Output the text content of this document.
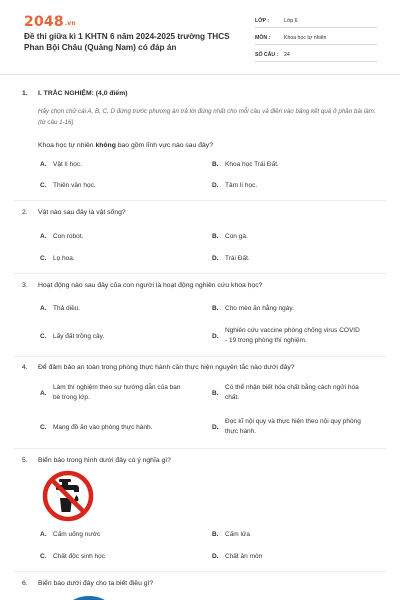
2048.vn
Đề thi giữa kì 1 KHTN 6 năm 2024-2025 trường THCS Phan Bội Châu (Quảng Nam) có đáp án
LỚP :	Lớp 6
MÔN :	Khoa học tự nhiên
SỐ CÂU :	24
1. I. TRẮC NGHIỆM: (4,0 điểm)
Hãy chọn chữ cái A, B, C, D đứng trước phương án trả lời đúng nhất cho mỗi câu và điền vào bảng kết quả ở phần bài làm: (từ câu 1-16)
Khoa học tự nhiên không bao gồm lĩnh vực nào sau đây?
A.	Vật lí học.	B.	Khoa học Trái Đất.
C.	Thiên văn học.	D.	Tâm lí học.
2. Vật nào sau đây là vật sống?
A.	Con robot.	B.	Con gà.
C.	Lọ hoa.	D.	Trái Đất.
3. Hoạt động nào sau đây của con người là hoạt động nghiên cứu khoa học?
A.	Thả diều.	B.	Cho mèo ăn hằng ngày.
C.	Lấy đất trồng cây.	D.
Nghiên cứu vaccine phòng chống virus COVID - 19 trong phòng thí nghiệm.
4. Để đảm bảo an toàn trong phòng thực hành cần thực hiện nguyên tắc nào dưới đây?
A.
Làm thí nghiệm theo sự hướng dẫn của bạn bè trong lớp.
B.
Có thể nhận biết hóa chất bằng cách ngửi hóa chất.
C.	Mang đồ ăn vào phòng thực hành.	D.
Đọc kĩ nội quy và thực hiện theo nội quy phòng thực hành.
5. Biển báo trong hình dưới đây có ý nghĩa gì?
A.	Cấm uống nước	B.	Cấm lửa
C.	Chất độc sinh học	D.	Chất ăn mòn
6. Biển báo dưới đây cho ta biết điều gì?
